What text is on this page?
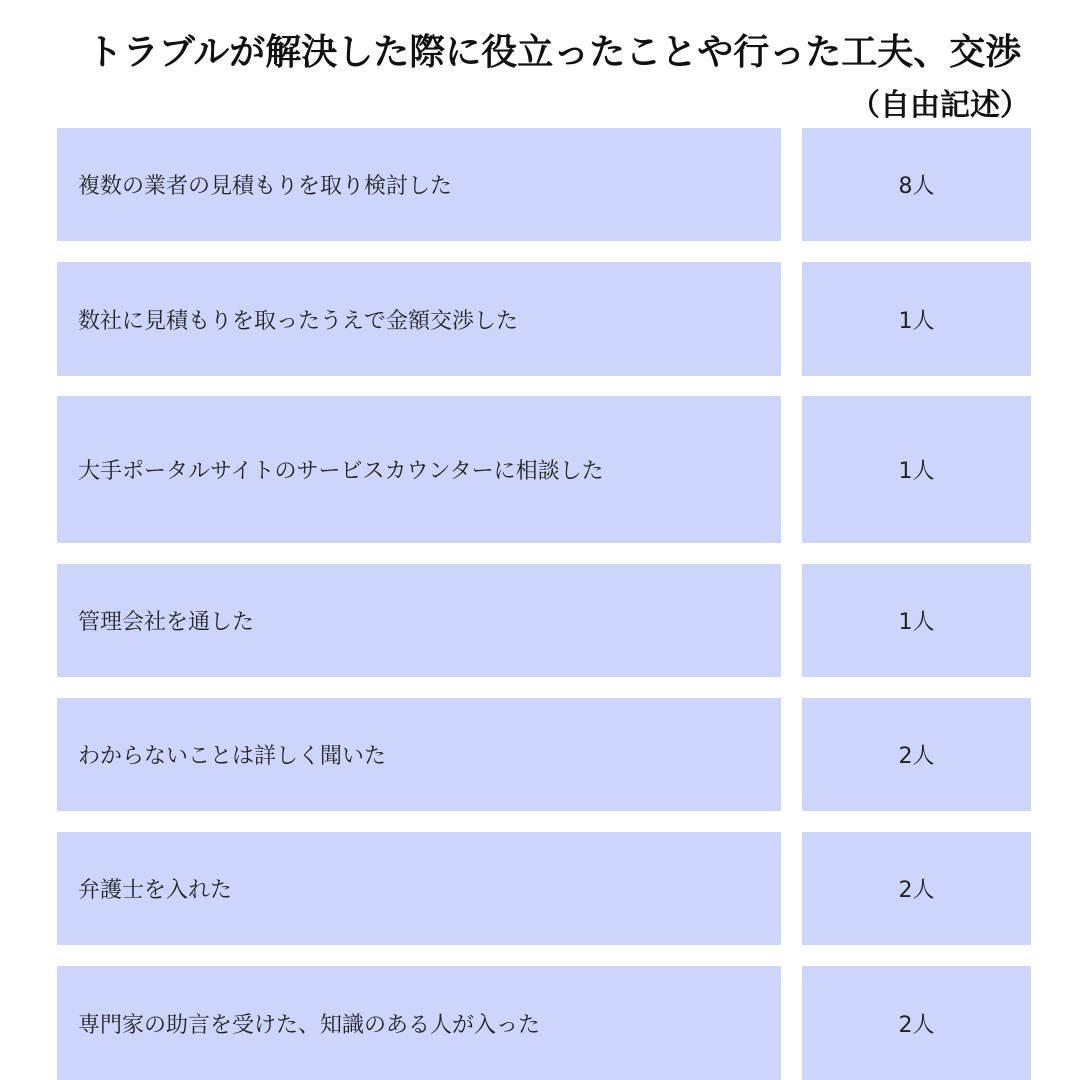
トラブルが解決した際に役立ったことや行った工夫、交渉
（自由記述）
複数の業者の見積もりを取り検討した	8人
数社に見積もりを取ったうえで金額交渉した	1人
大手ポータルサイトのサービスカウンターに相談した	1人
管理会社を通した	1人
わからないことは詳しく聞いた	2人
弁護士を入れた	2人
専門家の助言を受けた、知識のある人が入った	2人
